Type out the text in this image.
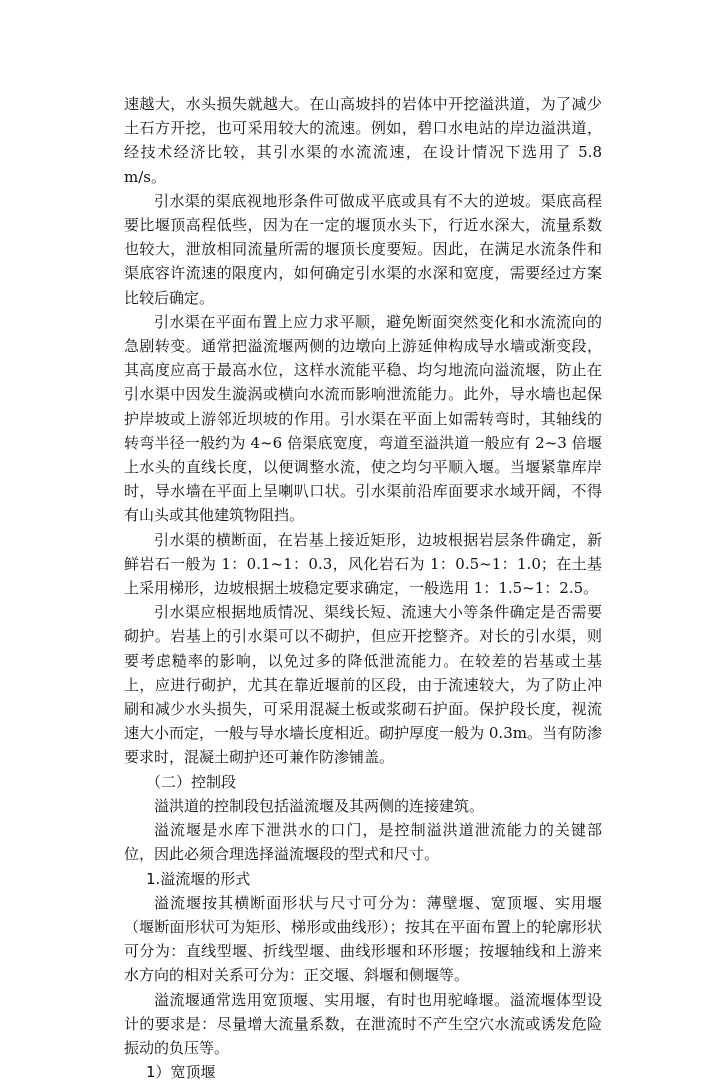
速越大，水头损失就越大。在山高坡抖的岩体中开挖溢洪道，为了减少土石方开挖，也可采用较大的流速。例如，碧口水电站的岸边溢洪道，经技术经济比较，其引水渠的水流流速，在设计情况下选用了 5.8 m/s。

引水渠的渠底视地形条件可做成平底或具有不大的逆坡。渠底高程要比堰顶高程低些，因为在一定的堰顶水头下，行近水深大，流量系数也较大，泄放相同流量所需的堰顶长度要短。因此，在满足水流条件和渠底容许流速的限度内，如何确定引水渠的水深和宽度，需要经过方案比较后确定。

引水渠在平面布置上应力求平顺，避免断面突然变化和水流流向的急剧转变。通常把溢流堰两侧的边墩向上游延伸构成导水墙或渐变段，其高度应高于最高水位，这样水流能平稳、均匀地流向溢流堰，防止在引水渠中因发生漩涡或横向水流而影响泄流能力。此外，导水墙也起保护岸坡或上游邻近坝坡的作用。引水渠在平面上如需转弯时，其轴线的转弯半径一般约为 4~6 倍渠底宽度，弯道至溢洪道一般应有 2~3 倍堰上水头的直线长度，以便调整水流，使之均匀平顺入堰。当堰紧靠库岸时，导水墙在平面上呈喇叭口状。引水渠前沿库面要求水域开阔，不得有山头或其他建筑物阻挡。

引水渠的横断面，在岩基上接近矩形，边坡根据岩层条件确定，新鲜岩石一般为 1：0.1~1：0.3，风化岩石为 1：0.5~1：1.0；在土基上采用梯形，边坡根据土坡稳定要求确定，一般选用 1：1.5~1：2.5。

引水渠应根据地质情况、渠线长短、流速大小等条件确定是否需要砌护。岩基上的引水渠可以不砌护，但应开挖整齐。对长的引水渠，则要考虑糙率的影响，以免过多的降低泄流能力。在较差的岩基或土基上，应进行砌护，尤其在靠近堰前的区段，由于流速较大，为了防止冲刷和减少水头损失，可采用混凝土板或浆砌石护面。保护段长度，视流速大小而定，一般与导水墙长度相近。砌护厚度一般为 0.3m。当有防渗要求时，混凝土砌护还可兼作防渗铺盖。

（二）控制段

溢洪道的控制段包括溢流堰及其两侧的连接建筑。

溢流堰是水库下泄洪水的口门，是控制溢洪道泄流能力的关键部位，因此必须合理选择溢流堰段的型式和尺寸。

1.溢流堰的形式

溢流堰按其横断面形状与尺寸可分为：薄壁堰、宽顶堰、实用堰（堰断面形状可为矩形、梯形或曲线形）；按其在平面布置上的轮廓形状可分为：直线型堰、折线型堰、曲线形堰和环形堰；按堰轴线和上游来水方向的相对关系可分为：正交堰、斜堰和侧堰等。

溢流堰通常选用宽顶堰、实用堰，有时也用驼峰堰。溢流堰体型设计的要求是：尽量增大流量系数，在泄流时不产生空穴水流或诱发危险振动的负压等。

1）宽顶堰
